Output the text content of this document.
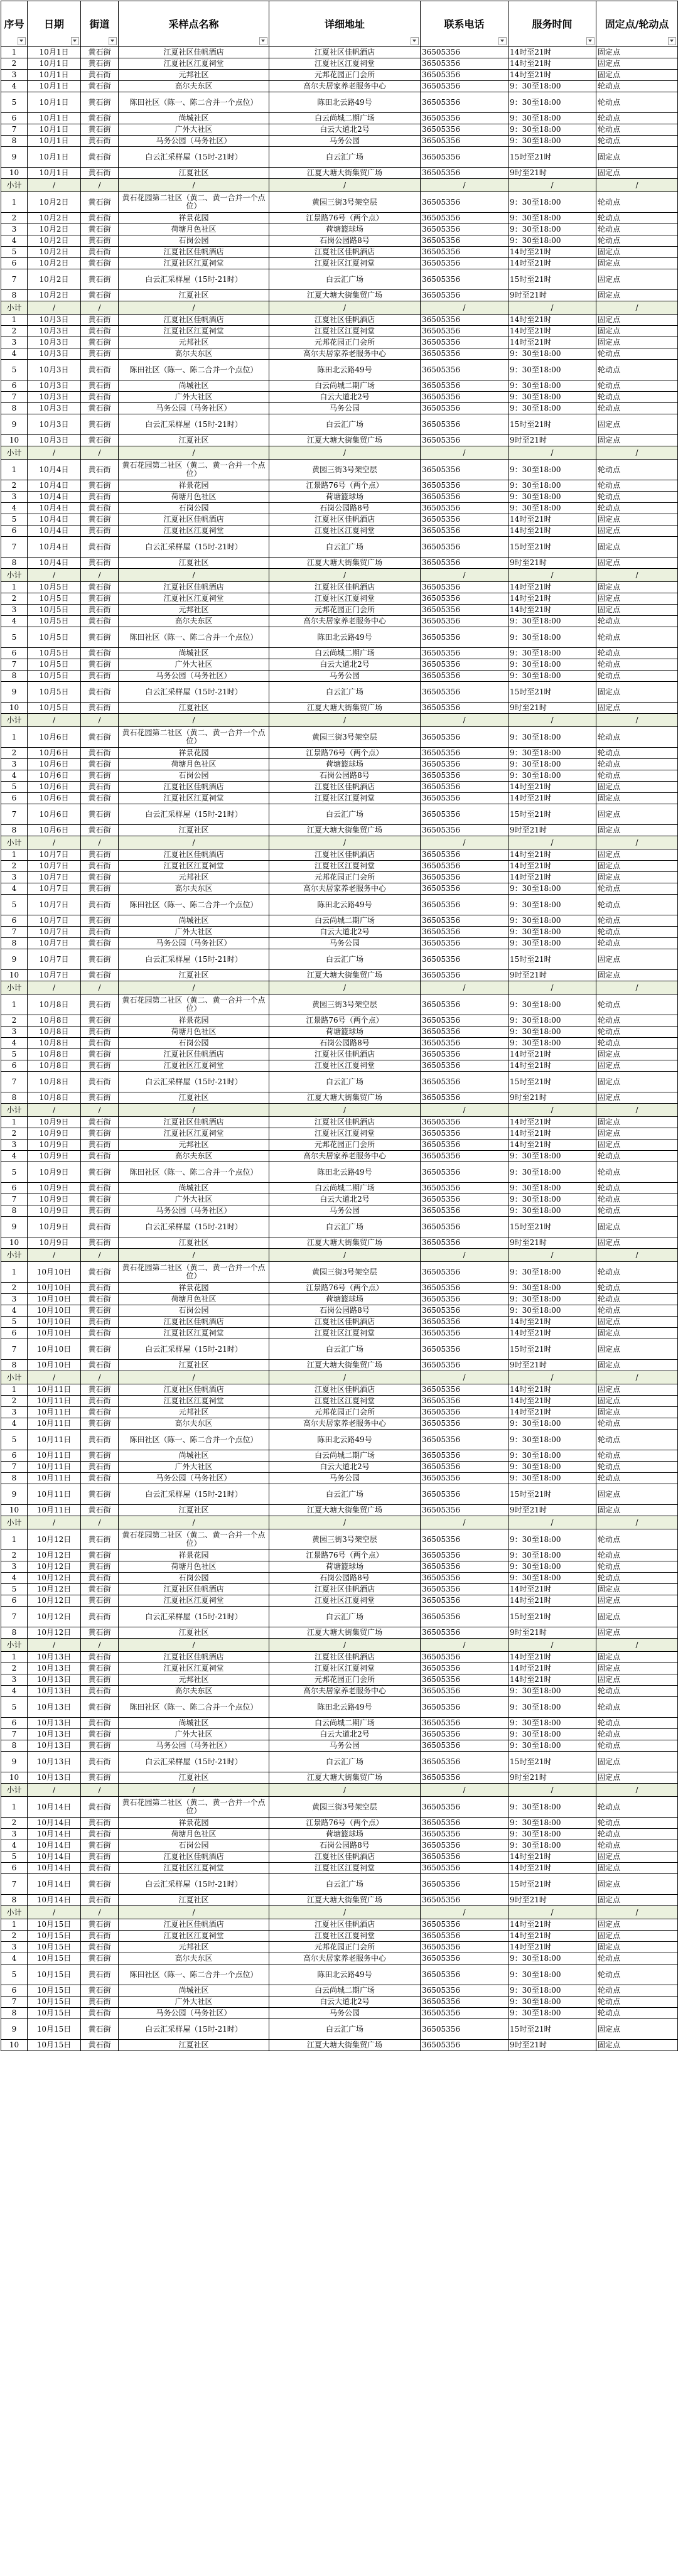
序号	日期	街道	采样点名称	详细地址	联系电话	服务时间	固定点/轮动点

1	10月1日	黄石街	江夏社区佳帆酒店	江夏社区佳帆酒店	36505356	14时至21时	固定点
2	10月1日	黄石街	江夏社区江夏祠堂	江夏社区江夏祠堂	36505356	14时至21时	固定点
3	10月1日	黄石街	元邦社区	元邦花园正门会所	36505356	14时至21时	固定点
4	10月1日	黄石街	高尔夫东区	高尔夫居家养老服务中心	36505356	9：30至18:00	轮动点
5	10月1日	黄石街	陈田社区（陈一、陈二合并一个点位）	陈田北云路49号	36505356	9：30至18:00	轮动点
6	10月1日	黄石街	尚城社区	白云尚城二期广场	36505356	9：30至18:00	轮动点
7	10月1日	黄石街	广外大社区	白云大道北2号	36505356	9：30至18:00	轮动点
8	10月1日	黄石街	马务公园（马务社区）	马务公园	36505356	9：30至18:00	轮动点
9	10月1日	黄石街	白云汇采样屋（15时-21时）	白云汇广场	36505356	15时至21时	固定点
10	10月1日	黄石街	江夏社区	江夏大塘大街集贸广场	36505356	9时至21时	固定点
小计	/	/	/	/	/	/	/
1	10月2日	黄石街	黄石花园第二社区（黄二、黄一合并一个点位）	黄园三街3号架空层	36505356	9：30至18:00	轮动点
2	10月2日	黄石街	祥景花园	江景路76号（两个点）	36505356	9：30至18:00	轮动点
3	10月2日	黄石街	荷塘月色社区	荷塘篮球场	36505356	9：30至18:00	轮动点
4	10月2日	黄石街	石岗公园	石岗公园路8号	36505356	9：30至18:00	轮动点
5	10月2日	黄石街	江夏社区佳帆酒店	江夏社区佳帆酒店	36505356	14时至21时	固定点
6	10月2日	黄石街	江夏社区江夏祠堂	江夏社区江夏祠堂	36505356	14时至21时	固定点
7	10月2日	黄石街	白云汇采样屋（15时-21时）	白云汇广场	36505356	15时至21时	固定点
8	10月2日	黄石街	江夏社区	江夏大塘大街集贸广场	36505356	9时至21时	固定点
小计	/	/	/	/	/	/	/
1	10月3日	黄石街	江夏社区佳帆酒店	江夏社区佳帆酒店	36505356	14时至21时	固定点
2	10月3日	黄石街	江夏社区江夏祠堂	江夏社区江夏祠堂	36505356	14时至21时	固定点
3	10月3日	黄石街	元邦社区	元邦花园正门会所	36505356	14时至21时	固定点
4	10月3日	黄石街	高尔夫东区	高尔夫居家养老服务中心	36505356	9：30至18:00	轮动点
5	10月3日	黄石街	陈田社区（陈一、陈二合并一个点位）	陈田北云路49号	36505356	9：30至18:00	轮动点
6	10月3日	黄石街	尚城社区	白云尚城二期广场	36505356	9：30至18:00	轮动点
7	10月3日	黄石街	广外大社区	白云大道北2号	36505356	9：30至18:00	轮动点
8	10月3日	黄石街	马务公园（马务社区）	马务公园	36505356	9：30至18:00	轮动点
9	10月3日	黄石街	白云汇采样屋（15时-21时）	白云汇广场	36505356	15时至21时	固定点
10	10月3日	黄石街	江夏社区	江夏大塘大街集贸广场	36505356	9时至21时	固定点
小计	/	/	/	/	/	/	/
1	10月4日	黄石街	黄石花园第二社区（黄二、黄一合并一个点位）	黄园三街3号架空层	36505356	9：30至18:00	轮动点
2	10月4日	黄石街	祥景花园	江景路76号（两个点）	36505356	9：30至18:00	轮动点
3	10月4日	黄石街	荷塘月色社区	荷塘篮球场	36505356	9：30至18:00	轮动点
4	10月4日	黄石街	石岗公园	石岗公园路8号	36505356	9：30至18:00	轮动点
5	10月4日	黄石街	江夏社区佳帆酒店	江夏社区佳帆酒店	36505356	14时至21时	固定点
6	10月4日	黄石街	江夏社区江夏祠堂	江夏社区江夏祠堂	36505356	14时至21时	固定点
7	10月4日	黄石街	白云汇采样屋（15时-21时）	白云汇广场	36505356	15时至21时	固定点
8	10月4日	黄石街	江夏社区	江夏大塘大街集贸广场	36505356	9时至21时	固定点
小计	/	/	/	/	/	/	/
1	10月5日	黄石街	江夏社区佳帆酒店	江夏社区佳帆酒店	36505356	14时至21时	固定点
2	10月5日	黄石街	江夏社区江夏祠堂	江夏社区江夏祠堂	36505356	14时至21时	固定点
3	10月5日	黄石街	元邦社区	元邦花园正门会所	36505356	14时至21时	固定点
4	10月5日	黄石街	高尔夫东区	高尔夫居家养老服务中心	36505356	9：30至18:00	轮动点
5	10月5日	黄石街	陈田社区（陈一、陈二合并一个点位）	陈田北云路49号	36505356	9：30至18:00	轮动点
6	10月5日	黄石街	尚城社区	白云尚城二期广场	36505356	9：30至18:00	轮动点
7	10月5日	黄石街	广外大社区	白云大道北2号	36505356	9：30至18:00	轮动点
8	10月5日	黄石街	马务公园（马务社区）	马务公园	36505356	9：30至18:00	轮动点
9	10月5日	黄石街	白云汇采样屋（15时-21时）	白云汇广场	36505356	15时至21时	固定点
10	10月5日	黄石街	江夏社区	江夏大塘大街集贸广场	36505356	9时至21时	固定点
小计	/	/	/	/	/	/	/
1	10月6日	黄石街	黄石花园第二社区（黄二、黄一合并一个点位）	黄园三街3号架空层	36505356	9：30至18:00	轮动点
2	10月6日	黄石街	祥景花园	江景路76号（两个点）	36505356	9：30至18:00	轮动点
3	10月6日	黄石街	荷塘月色社区	荷塘篮球场	36505356	9：30至18:00	轮动点
4	10月6日	黄石街	石岗公园	石岗公园路8号	36505356	9：30至18:00	轮动点
5	10月6日	黄石街	江夏社区佳帆酒店	江夏社区佳帆酒店	36505356	14时至21时	固定点
6	10月6日	黄石街	江夏社区江夏祠堂	江夏社区江夏祠堂	36505356	14时至21时	固定点
7	10月6日	黄石街	白云汇采样屋（15时-21时）	白云汇广场	36505356	15时至21时	固定点
8	10月6日	黄石街	江夏社区	江夏大塘大街集贸广场	36505356	9时至21时	固定点
小计	/	/	/	/	/	/	/
1	10月7日	黄石街	江夏社区佳帆酒店	江夏社区佳帆酒店	36505356	14时至21时	固定点
2	10月7日	黄石街	江夏社区江夏祠堂	江夏社区江夏祠堂	36505356	14时至21时	固定点
3	10月7日	黄石街	元邦社区	元邦花园正门会所	36505356	14时至21时	固定点
4	10月7日	黄石街	高尔夫东区	高尔夫居家养老服务中心	36505356	9：30至18:00	轮动点
5	10月7日	黄石街	陈田社区（陈一、陈二合并一个点位）	陈田北云路49号	36505356	9：30至18:00	轮动点
6	10月7日	黄石街	尚城社区	白云尚城二期广场	36505356	9：30至18:00	轮动点
7	10月7日	黄石街	广外大社区	白云大道北2号	36505356	9：30至18:00	轮动点
8	10月7日	黄石街	马务公园（马务社区）	马务公园	36505356	9：30至18:00	轮动点
9	10月7日	黄石街	白云汇采样屋（15时-21时）	白云汇广场	36505356	15时至21时	固定点
10	10月7日	黄石街	江夏社区	江夏大塘大街集贸广场	36505356	9时至21时	固定点
小计	/	/	/	/	/	/	/
1	10月8日	黄石街	黄石花园第二社区（黄二、黄一合并一个点位）	黄园三街3号架空层	36505356	9：30至18:00	轮动点
2	10月8日	黄石街	祥景花园	江景路76号（两个点）	36505356	9：30至18:00	轮动点
3	10月8日	黄石街	荷塘月色社区	荷塘篮球场	36505356	9：30至18:00	轮动点
4	10月8日	黄石街	石岗公园	石岗公园路8号	36505356	9：30至18:00	轮动点
5	10月8日	黄石街	江夏社区佳帆酒店	江夏社区佳帆酒店	36505356	14时至21时	固定点
6	10月8日	黄石街	江夏社区江夏祠堂	江夏社区江夏祠堂	36505356	14时至21时	固定点
7	10月8日	黄石街	白云汇采样屋（15时-21时）	白云汇广场	36505356	15时至21时	固定点
8	10月8日	黄石街	江夏社区	江夏大塘大街集贸广场	36505356	9时至21时	固定点
小计	/	/	/	/	/	/	/
1	10月9日	黄石街	江夏社区佳帆酒店	江夏社区佳帆酒店	36505356	14时至21时	固定点
2	10月9日	黄石街	江夏社区江夏祠堂	江夏社区江夏祠堂	36505356	14时至21时	固定点
3	10月9日	黄石街	元邦社区	元邦花园正门会所	36505356	14时至21时	固定点
4	10月9日	黄石街	高尔夫东区	高尔夫居家养老服务中心	36505356	9：30至18:00	轮动点
5	10月9日	黄石街	陈田社区（陈一、陈二合并一个点位）	陈田北云路49号	36505356	9：30至18:00	轮动点
6	10月9日	黄石街	尚城社区	白云尚城二期广场	36505356	9：30至18:00	轮动点
7	10月9日	黄石街	广外大社区	白云大道北2号	36505356	9：30至18:00	轮动点
8	10月9日	黄石街	马务公园（马务社区）	马务公园	36505356	9：30至18:00	轮动点
9	10月9日	黄石街	白云汇采样屋（15时-21时）	白云汇广场	36505356	15时至21时	固定点
10	10月9日	黄石街	江夏社区	江夏大塘大街集贸广场	36505356	9时至21时	固定点
小计	/	/	/	/	/	/	/
1	10月10日	黄石街	黄石花园第二社区（黄二、黄一合并一个点位）	黄园三街3号架空层	36505356	9：30至18:00	轮动点
2	10月10日	黄石街	祥景花园	江景路76号（两个点）	36505356	9：30至18:00	轮动点
3	10月10日	黄石街	荷塘月色社区	荷塘篮球场	36505356	9：30至18:00	轮动点
4	10月10日	黄石街	石岗公园	石岗公园路8号	36505356	9：30至18:00	轮动点
5	10月10日	黄石街	江夏社区佳帆酒店	江夏社区佳帆酒店	36505356	14时至21时	固定点
6	10月10日	黄石街	江夏社区江夏祠堂	江夏社区江夏祠堂	36505356	14时至21时	固定点
7	10月10日	黄石街	白云汇采样屋（15时-21时）	白云汇广场	36505356	15时至21时	固定点
8	10月10日	黄石街	江夏社区	江夏大塘大街集贸广场	36505356	9时至21时	固定点
小计	/	/	/	/	/	/	/
1	10月11日	黄石街	江夏社区佳帆酒店	江夏社区佳帆酒店	36505356	14时至21时	固定点
2	10月11日	黄石街	江夏社区江夏祠堂	江夏社区江夏祠堂	36505356	14时至21时	固定点
3	10月11日	黄石街	元邦社区	元邦花园正门会所	36505356	14时至21时	固定点
4	10月11日	黄石街	高尔夫东区	高尔夫居家养老服务中心	36505356	9：30至18:00	轮动点
5	10月11日	黄石街	陈田社区（陈一、陈二合并一个点位）	陈田北云路49号	36505356	9：30至18:00	轮动点
6	10月11日	黄石街	尚城社区	白云尚城二期广场	36505356	9：30至18:00	轮动点
7	10月11日	黄石街	广外大社区	白云大道北2号	36505356	9：30至18:00	轮动点
8	10月11日	黄石街	马务公园（马务社区）	马务公园	36505356	9：30至18:00	轮动点
9	10月11日	黄石街	白云汇采样屋（15时-21时）	白云汇广场	36505356	15时至21时	固定点
10	10月11日	黄石街	江夏社区	江夏大塘大街集贸广场	36505356	9时至21时	固定点
小计	/	/	/	/	/	/	/
1	10月12日	黄石街	黄石花园第二社区（黄二、黄一合并一个点位）	黄园三街3号架空层	36505356	9：30至18:00	轮动点
2	10月12日	黄石街	祥景花园	江景路76号（两个点）	36505356	9：30至18:00	轮动点
3	10月12日	黄石街	荷塘月色社区	荷塘篮球场	36505356	9：30至18:00	轮动点
4	10月12日	黄石街	石岗公园	石岗公园路8号	36505356	9：30至18:00	轮动点
5	10月12日	黄石街	江夏社区佳帆酒店	江夏社区佳帆酒店	36505356	14时至21时	固定点
6	10月12日	黄石街	江夏社区江夏祠堂	江夏社区江夏祠堂	36505356	14时至21时	固定点
7	10月12日	黄石街	白云汇采样屋（15时-21时）	白云汇广场	36505356	15时至21时	固定点
8	10月12日	黄石街	江夏社区	江夏大塘大街集贸广场	36505356	9时至21时	固定点
小计	/	/	/	/	/	/	/
1	10月13日	黄石街	江夏社区佳帆酒店	江夏社区佳帆酒店	36505356	14时至21时	固定点
2	10月13日	黄石街	江夏社区江夏祠堂	江夏社区江夏祠堂	36505356	14时至21时	固定点
3	10月13日	黄石街	元邦社区	元邦花园正门会所	36505356	14时至21时	固定点
4	10月13日	黄石街	高尔夫东区	高尔夫居家养老服务中心	36505356	9：30至18:00	轮动点
5	10月13日	黄石街	陈田社区（陈一、陈二合并一个点位）	陈田北云路49号	36505356	9：30至18:00	轮动点
6	10月13日	黄石街	尚城社区	白云尚城二期广场	36505356	9：30至18:00	轮动点
7	10月13日	黄石街	广外大社区	白云大道北2号	36505356	9：30至18:00	轮动点
8	10月13日	黄石街	马务公园（马务社区）	马务公园	36505356	9：30至18:00	轮动点
9	10月13日	黄石街	白云汇采样屋（15时-21时）	白云汇广场	36505356	15时至21时	固定点
10	10月13日	黄石街	江夏社区	江夏大塘大街集贸广场	36505356	9时至21时	固定点
小计	/	/	/	/	/	/	/
1	10月14日	黄石街	黄石花园第二社区（黄二、黄一合并一个点位）	黄园三街3号架空层	36505356	9：30至18:00	轮动点
2	10月14日	黄石街	祥景花园	江景路76号（两个点）	36505356	9：30至18:00	轮动点
3	10月14日	黄石街	荷塘月色社区	荷塘篮球场	36505356	9：30至18:00	轮动点
4	10月14日	黄石街	石岗公园	石岗公园路8号	36505356	9：30至18:00	轮动点
5	10月14日	黄石街	江夏社区佳帆酒店	江夏社区佳帆酒店	36505356	14时至21时	固定点
6	10月14日	黄石街	江夏社区江夏祠堂	江夏社区江夏祠堂	36505356	14时至21时	固定点
7	10月14日	黄石街	白云汇采样屋（15时-21时）	白云汇广场	36505356	15时至21时	固定点
8	10月14日	黄石街	江夏社区	江夏大塘大街集贸广场	36505356	9时至21时	固定点
小计	/	/	/	/	/	/	/
1	10月15日	黄石街	江夏社区佳帆酒店	江夏社区佳帆酒店	36505356	14时至21时	固定点
2	10月15日	黄石街	江夏社区江夏祠堂	江夏社区江夏祠堂	36505356	14时至21时	固定点
3	10月15日	黄石街	元邦社区	元邦花园正门会所	36505356	14时至21时	固定点
4	10月15日	黄石街	高尔夫东区	高尔夫居家养老服务中心	36505356	9：30至18:00	轮动点
5	10月15日	黄石街	陈田社区（陈一、陈二合并一个点位）	陈田北云路49号	36505356	9：30至18:00	轮动点
6	10月15日	黄石街	尚城社区	白云尚城二期广场	36505356	9：30至18:00	轮动点
7	10月15日	黄石街	广外大社区	白云大道北2号	36505356	9：30至18:00	轮动点
8	10月15日	黄石街	马务公园（马务社区）	马务公园	36505356	9：30至18:00	轮动点
9	10月15日	黄石街	白云汇采样屋（15时-21时）	白云汇广场	36505356	15时至21时	固定点
10	10月15日	黄石街	江夏社区	江夏大塘大街集贸广场	36505356	9时至21时	固定点
